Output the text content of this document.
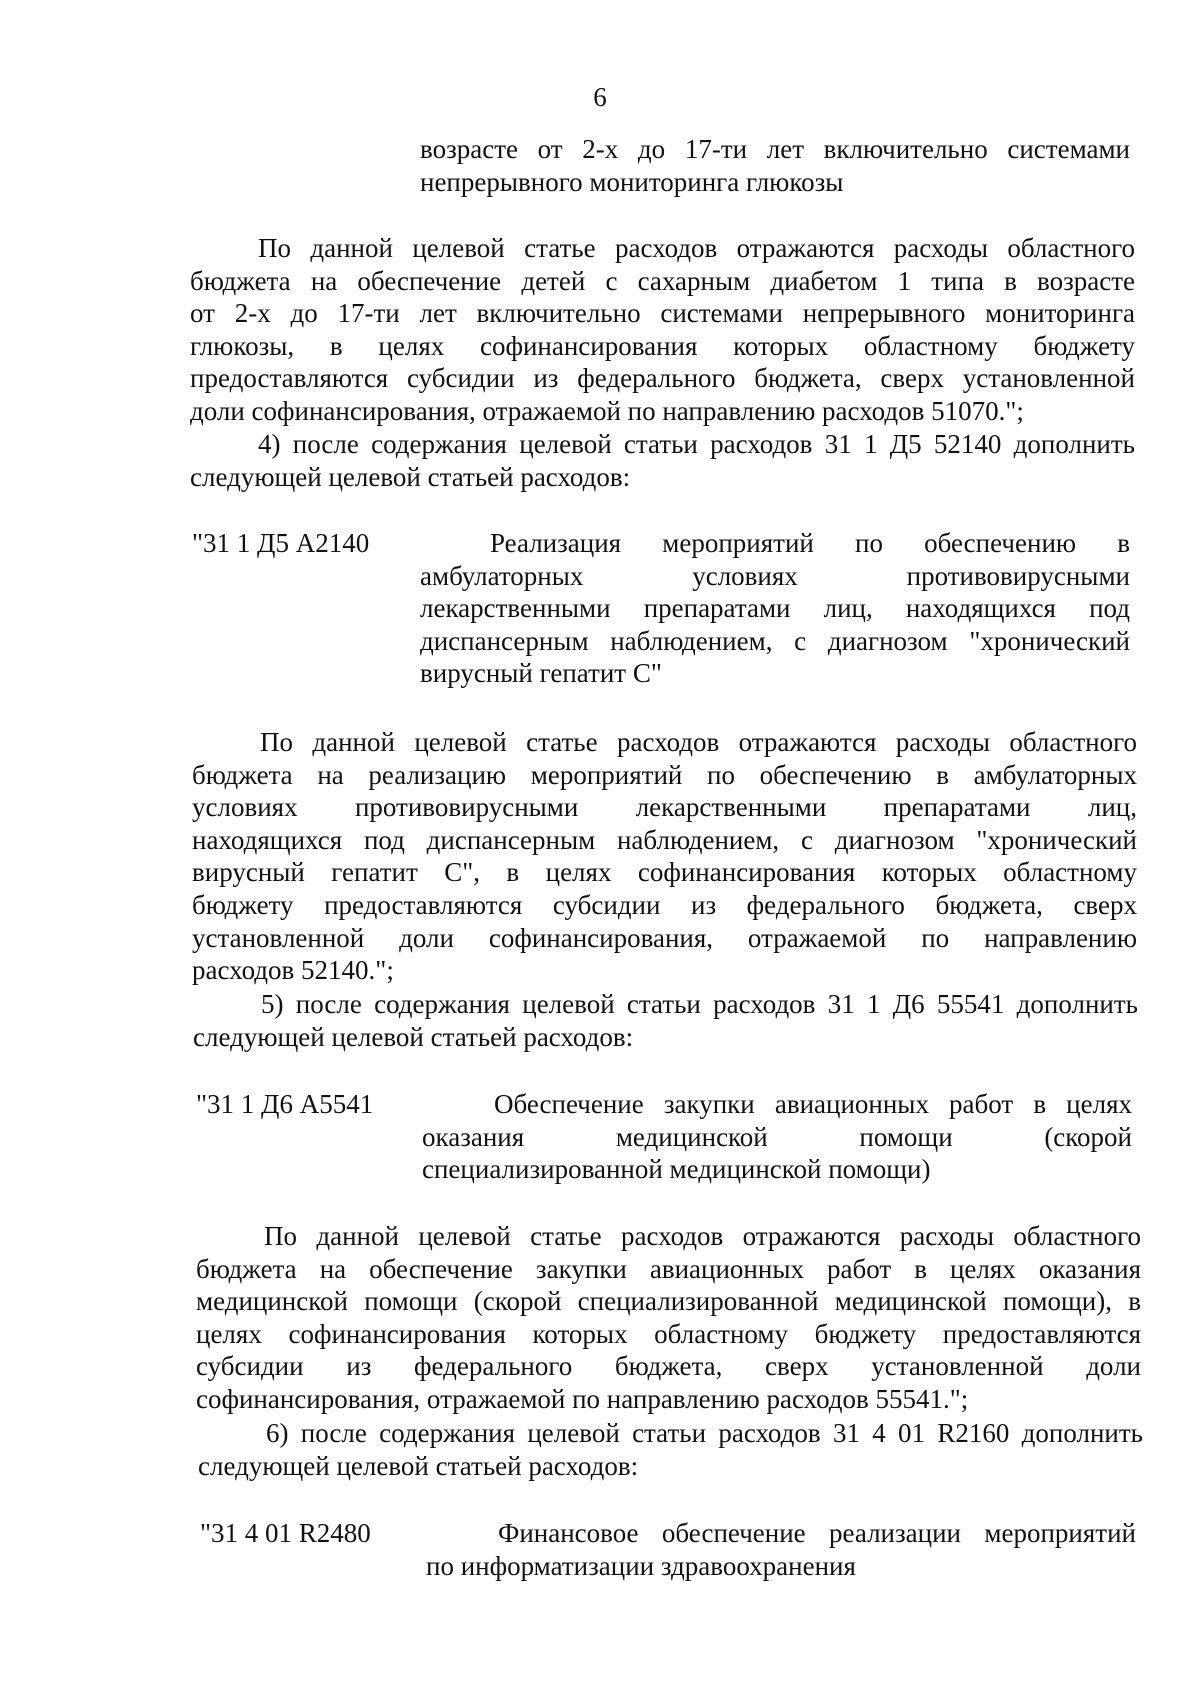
6
возрасте от 2-х до 17-ти лет включительно системами
непрерывного мониторинга глюкозы
По данной целевой статье расходов отражаются расходы областного
бюджета на обеспечение детей с сахарным диабетом 1 типа в возрасте
от 2-х до 17-ти лет включительно системами непрерывного мониторинга
глюкозы, в целях софинансирования которых областному бюджету
предоставляются субсидии из федерального бюджета, сверх установленной
доли софинансирования, отражаемой по направлению расходов 51070.";
4) после содержания целевой статьи расходов 31 1 Д5 52140 дополнить
следующей целевой статьей расходов:
"31 1 Д5 А2140	Реализация мероприятий по обеспечению в
амбулаторных условиях противовирусными
лекарственными препаратами лиц, находящихся под
диспансерным наблюдением, с диагнозом "хронический
вирусный гепатит С"
По данной целевой статье расходов отражаются расходы областного
бюджета на реализацию мероприятий по обеспечению в амбулаторных
условиях противовирусными лекарственными препаратами лиц,
находящихся под диспансерным наблюдением, с диагнозом "хронический
вирусный гепатит С", в целях софинансирования которых областному
бюджету предоставляются субсидии из федерального бюджета, сверх
установленной доли софинансирования, отражаемой по направлению
расходов 52140.";
5) после содержания целевой статьи расходов 31 1 Д6 55541 дополнить
следующей целевой статьей расходов:
"31 1 Д6 А5541	Обеспечение закупки авиационных работ в целях
оказания медицинской помощи (скорой
специализированной медицинской помощи)
По данной целевой статье расходов отражаются расходы областного
бюджета на обеспечение закупки авиационных работ в целях оказания
медицинской помощи (скорой специализированной медицинской помощи), в
целях софинансирования которых областному бюджету предоставляются
субсидии из федерального бюджета, сверх установленной доли
софинансирования, отражаемой по направлению расходов 55541.";
6) после содержания целевой статьи расходов 31 4 01 R2160 дополнить
следующей целевой статьей расходов:
"31 4 01 R2480	Финансовое обеспечение реализации мероприятий
по информатизации здравоохранения
